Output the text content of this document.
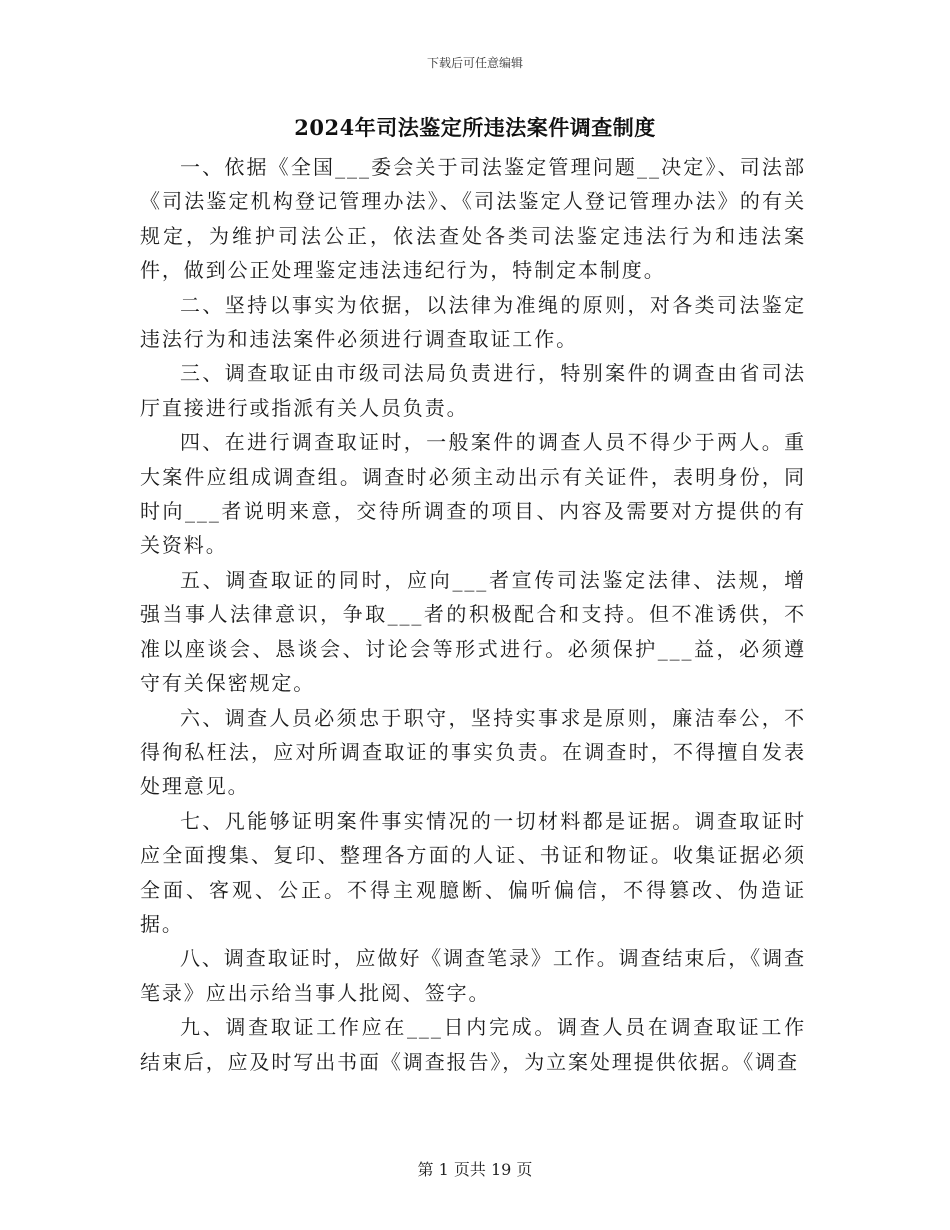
下载后可任意编辑
2024年司法鉴定所违法案件调查制度

一、依据《全国___委会关于司法鉴定管理问题__决定》、司法部《司法鉴定机构登记管理办法》、《司法鉴定人登记管理办法》的有关规定，为维护司法公正，依法查处各类司法鉴定违法行为和违法案件，做到公正处理鉴定违法违纪行为，特制定本制度。

二、坚持以事实为依据，以法律为准绳的原则，对各类司法鉴定违法行为和违法案件必须进行调查取证工作。

三、调查取证由市级司法局负责进行，特别案件的调查由省司法厅直接进行或指派有关人员负责。

四、在进行调查取证时，一般案件的调查人员不得少于两人。重大案件应组成调查组。调查时必须主动出示有关证件，表明身份，同时向___者说明来意，交待所调查的项目、内容及需要对方提供的有关资料。

五、调查取证的同时，应向___者宣传司法鉴定法律、法规，增强当事人法律意识，争取___者的积极配合和支持。但不准诱供，不准以座谈会、恳谈会、讨论会等形式进行。必须保护___益，必须遵守有关保密规定。

六、调查人员必须忠于职守，坚持实事求是原则，廉洁奉公，不得徇私枉法，应对所调查取证的事实负责。在调查时，不得擅自发表处理意见。

七、凡能够证明案件事实情况的一切材料都是证据。调查取证时应全面搜集、复印、整理各方面的人证、书证和物证。收集证据必须全面、客观、公正。不得主观臆断、偏听偏信，不得篡改、伪造证据。

八、调查取证时，应做好《调查笔录》工作。调查结束后，《调查笔录》应出示给当事人批阅、签字。

九、调查取证工作应在___日内完成。调查人员在调查取证工作结束后，应及时写出书面《调查报告》，为立案处理提供依据。《调查

第 1 页共 19 页
